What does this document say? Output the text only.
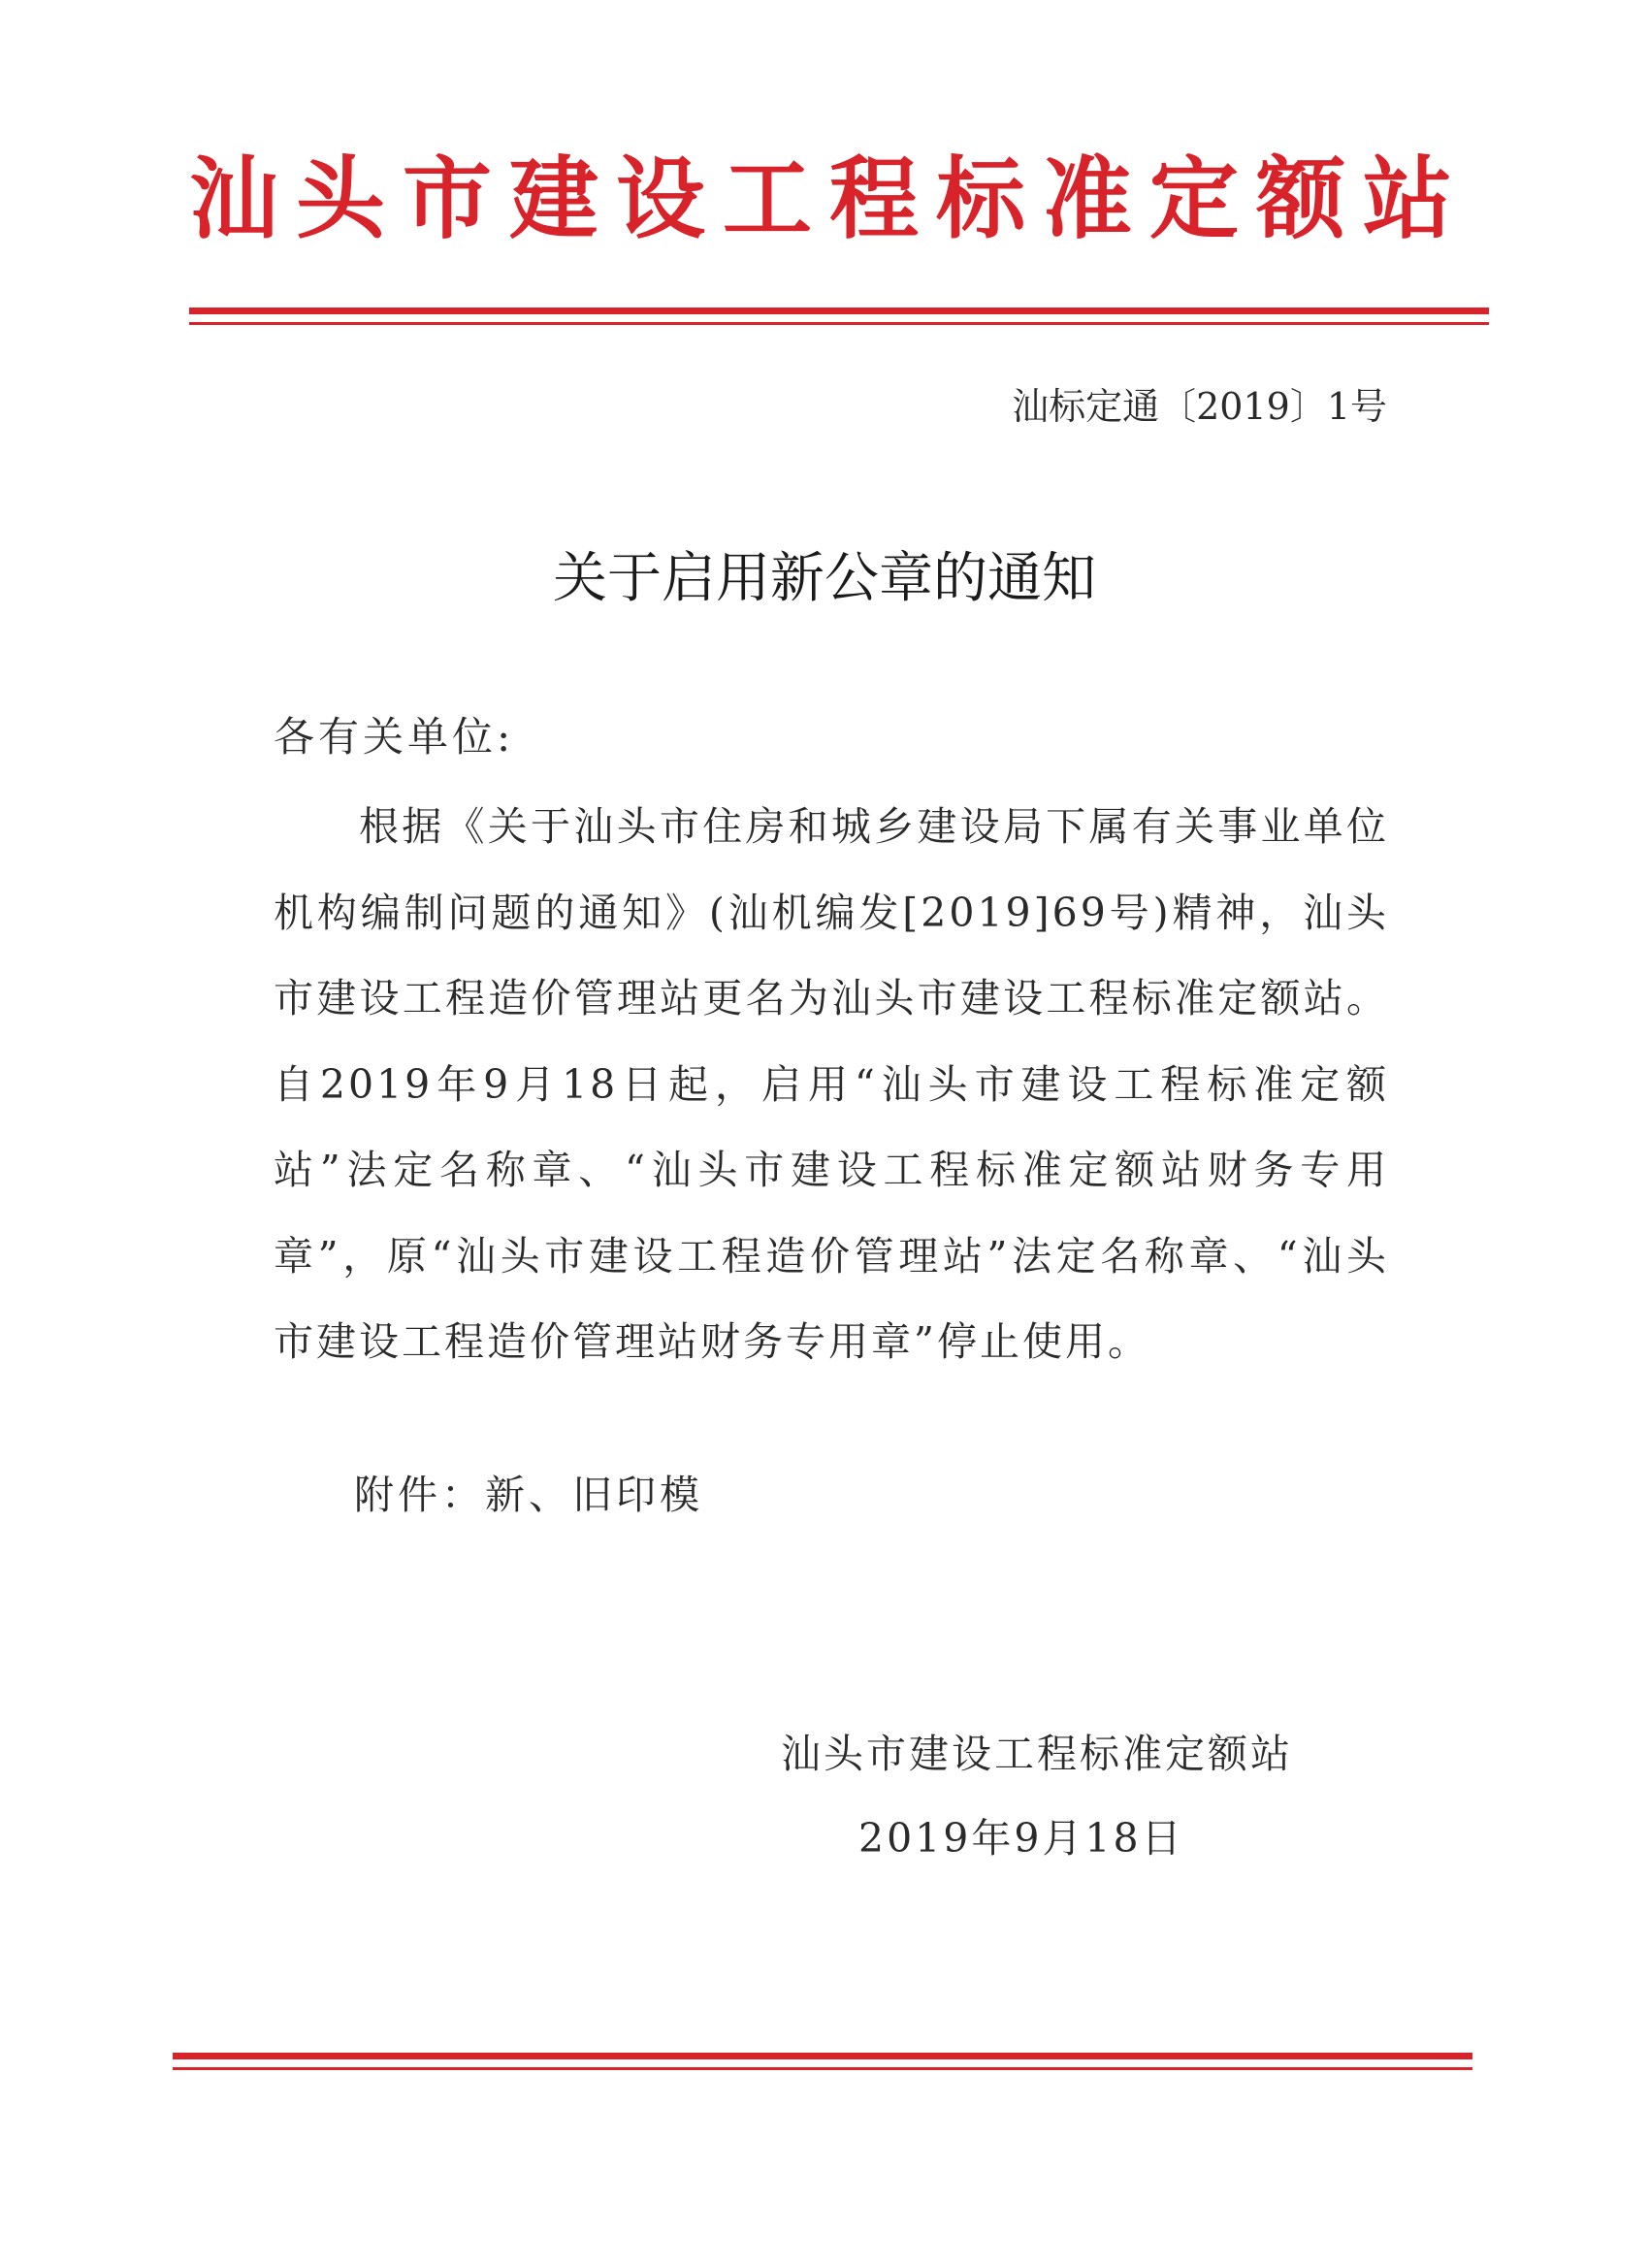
汕头市建设工程标准定额站
汕标定通〔2019〕1号
关于启用新公章的通知
各有关单位:
根据《关于汕头市住房和城乡建设局下属有关事业单位机构编制问题的通知》(汕机编发[2019]69号)精神，汕头市建设工程造价管理站更名为汕头市建设工程标准定额站。自2019年9月18日起，启用“汕头市建设工程标准定额站”法定名称章、“汕头市建设工程标准定额站财务专用章”，原“汕头市建设工程造价管理站”法定名称章、“汕头市建设工程造价管理站财务专用章”停止使用。
附件：新、旧印模
汕头市建设工程标准定额站
2019年9月18日
